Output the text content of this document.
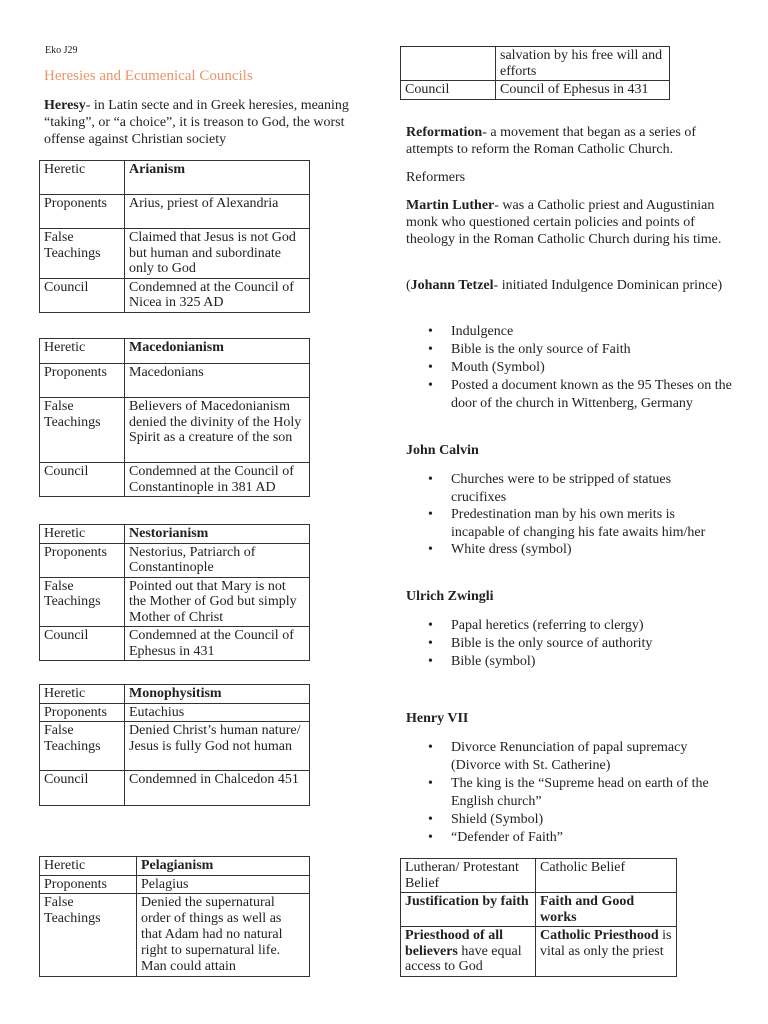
Eko J29
Heresies and Ecumenical Councils
Heresy- in Latin secte and in Greek heresies, meaning “taking”, or “a choice”, it is treason to God, the worst offense against Christian society
Heretic	Arianism
Proponents	Arius, priest of Alexandria
False Teachings	Claimed that Jesus is not God but human and subordinate only to God
Council	Condemned at the Council of Nicea in 325 AD
Heretic	Macedonianism
Proponents	Macedonians
False Teachings	Believers of Macedonianism denied the divinity of the Holy Spirit as a creature of the son
Council	Condemned at the Council of Constantinople in 381 AD
Heretic	Nestorianism
Proponents	Nestorius, Patriarch of Constantinople
False Teachings	Pointed out that Mary is not the Mother of God but simply Mother of Christ
Council	Condemned at the Council of Ephesus in 431
Heretic	Monophysitism
Proponents	Eutachius
False Teachings	Denied Christ’s human nature/ Jesus is fully God not human
Council	Condemned in Chalcedon 451
Heretic	Pelagianism
Proponents	Pelagius
False Teachings	Denied the supernatural order of things as well as that Adam had no natural right to supernatural life. Man could attain
	salvation by his free will and efforts
Council	Council of Ephesus in 431
Reformation- a movement that began as a series of attempts to reform the Roman Catholic Church.
Reformers
Martin Luther- was a Catholic priest and Augustinian monk who questioned certain policies and points of theology in the Roman Catholic Church during his time.
(Johann Tetzel- initiated Indulgence Dominican prince)
• Indulgence
• Bible is the only source of Faith
• Mouth (Symbol)
• Posted a document known as the 95 Theses on the door of the church in Wittenberg, Germany
John Calvin
• Churches were to be stripped of statues crucifixes
• Predestination man by his own merits is incapable of changing his fate awaits him/her
• White dress (symbol)
Ulrich Zwingli
• Papal heretics (referring to clergy)
• Bible is the only source of authority
• Bible (symbol)
Henry VII
• Divorce Renunciation of papal supremacy (Divorce with St. Catherine)
• The king is the “Supreme head on earth of the English church”
• Shield (Symbol)
• “Defender of Faith”
Lutheran/ Protestant Belief	Catholic Belief
Justification by faith	Faith and Good works
Priesthood of all believers have equal access to God	Catholic Priesthood is vital as only the priest
